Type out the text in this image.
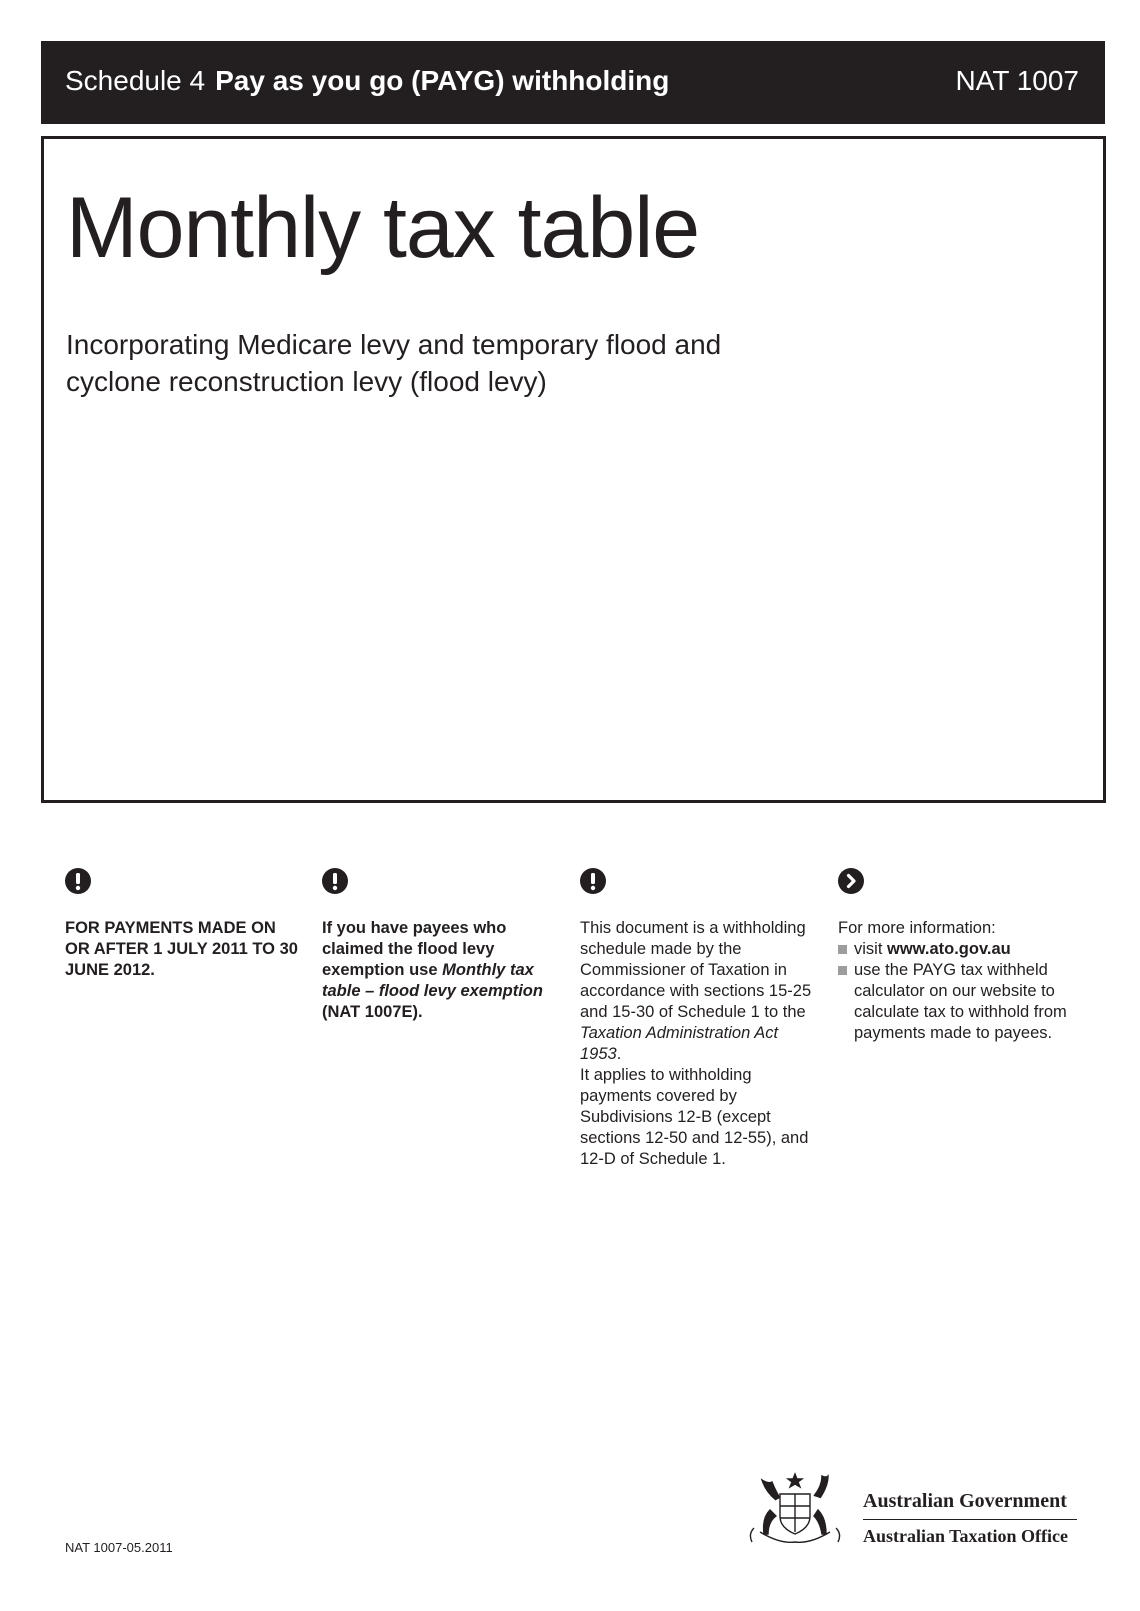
Schedule 4 Pay as you go (PAYG) withholding	NAT 1007
Monthly tax table
Incorporating Medicare levy and temporary flood and cyclone reconstruction levy (flood levy)
FOR PAYMENTS MADE ON OR AFTER 1 JULY 2011 TO 30 JUNE 2012.
If you have payees who claimed the flood levy exemption use Monthly tax table – flood levy exemption (NAT 1007E).

This document is a withholding schedule made by the Commissioner of Taxation in accordance with sections 15-25 and 15-30 of Schedule 1 to the Taxation Administration Act 1953.

It applies to withholding payments covered by Subdivisions 12-B (except sections 12-50 and 12-55), and 12-D of Schedule 1.

For more information:

visit www.ato.gov.au
use the PAYG tax withheld calculator on our website to calculate tax to withhold from payments made to payees.
NAT 1007-05.2011
Australian Government
Australian Taxation Office
